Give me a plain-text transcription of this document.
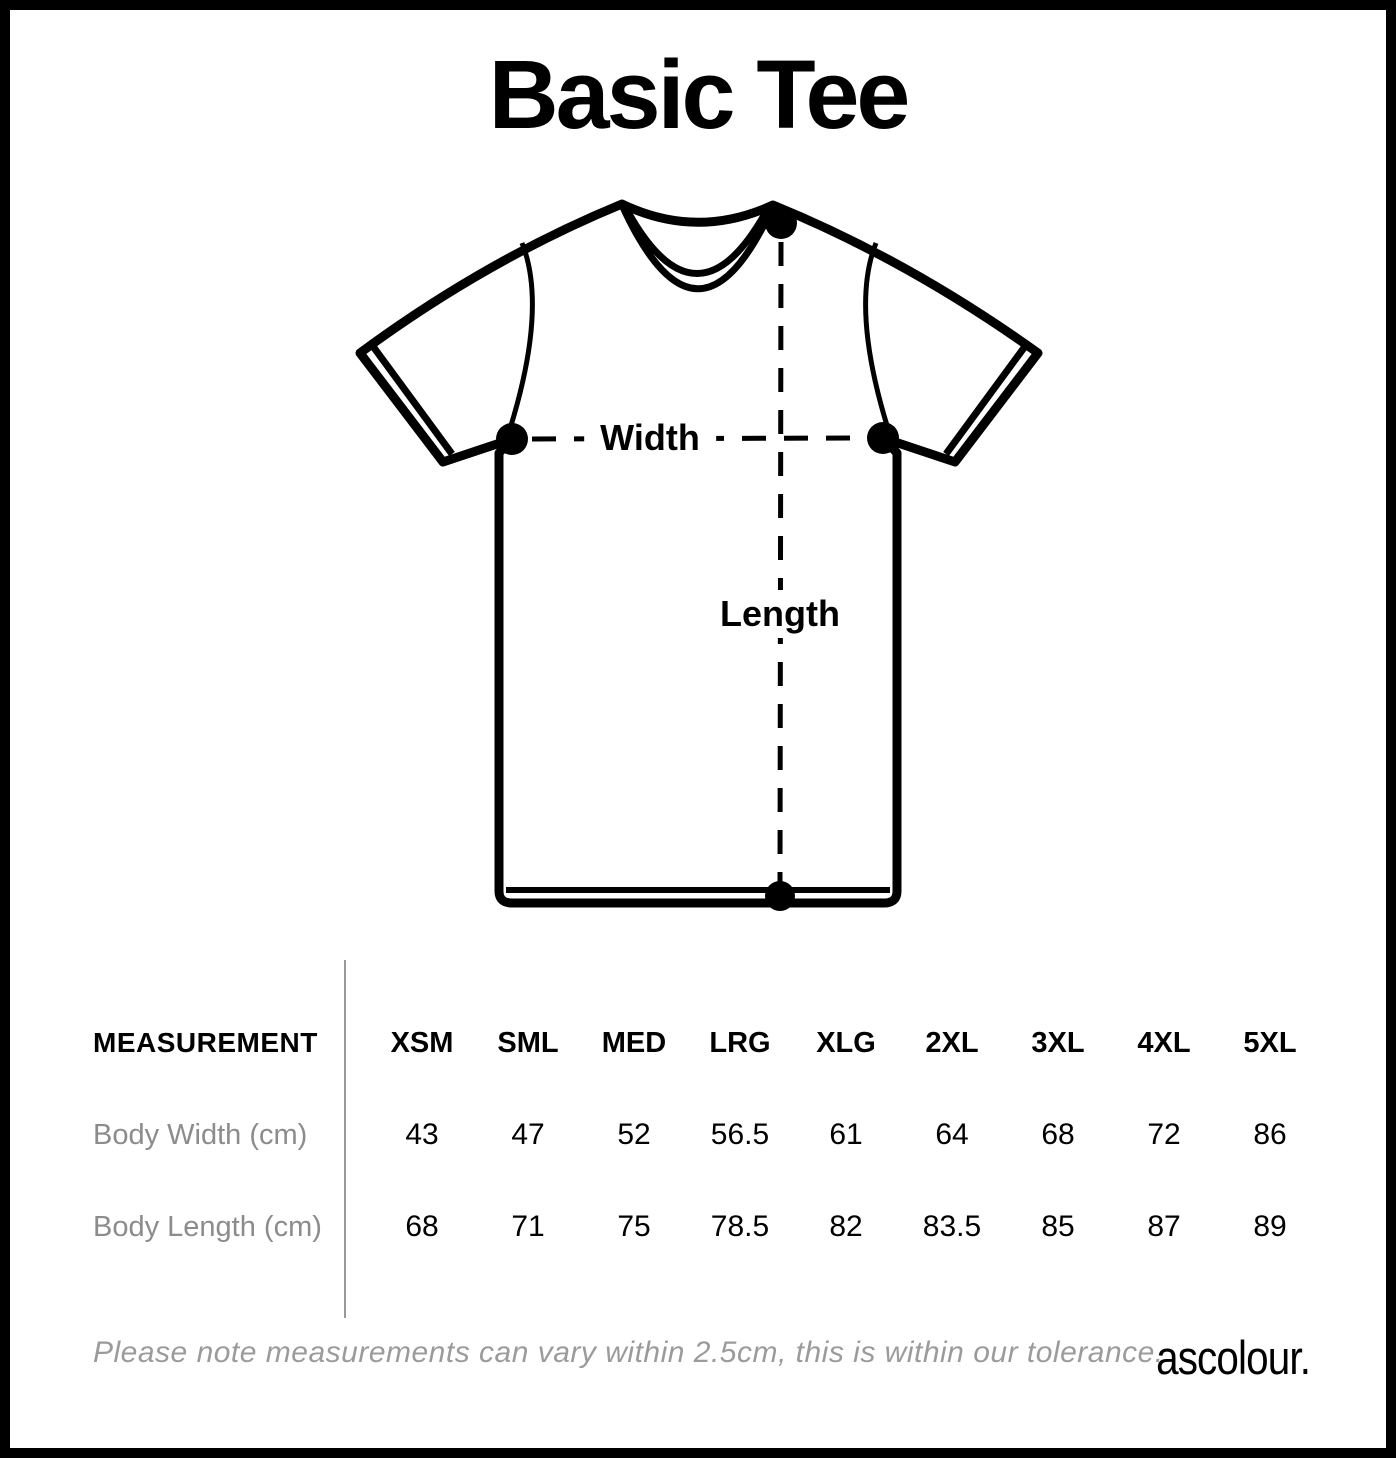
Basic Tee
Width
Length
MEASUREMENT	XSM	SML	MED	LRG	XLG	2XL	3XL	4XL	5XL
Body Width (cm)	43	47	52	56.5	61	64	68	72	86
Body Length (cm)	68	71	75	78.5	82	83.5	85	87	89
Please note measurements can vary within 2.5cm, this is within our tolerance.
ascolour.
